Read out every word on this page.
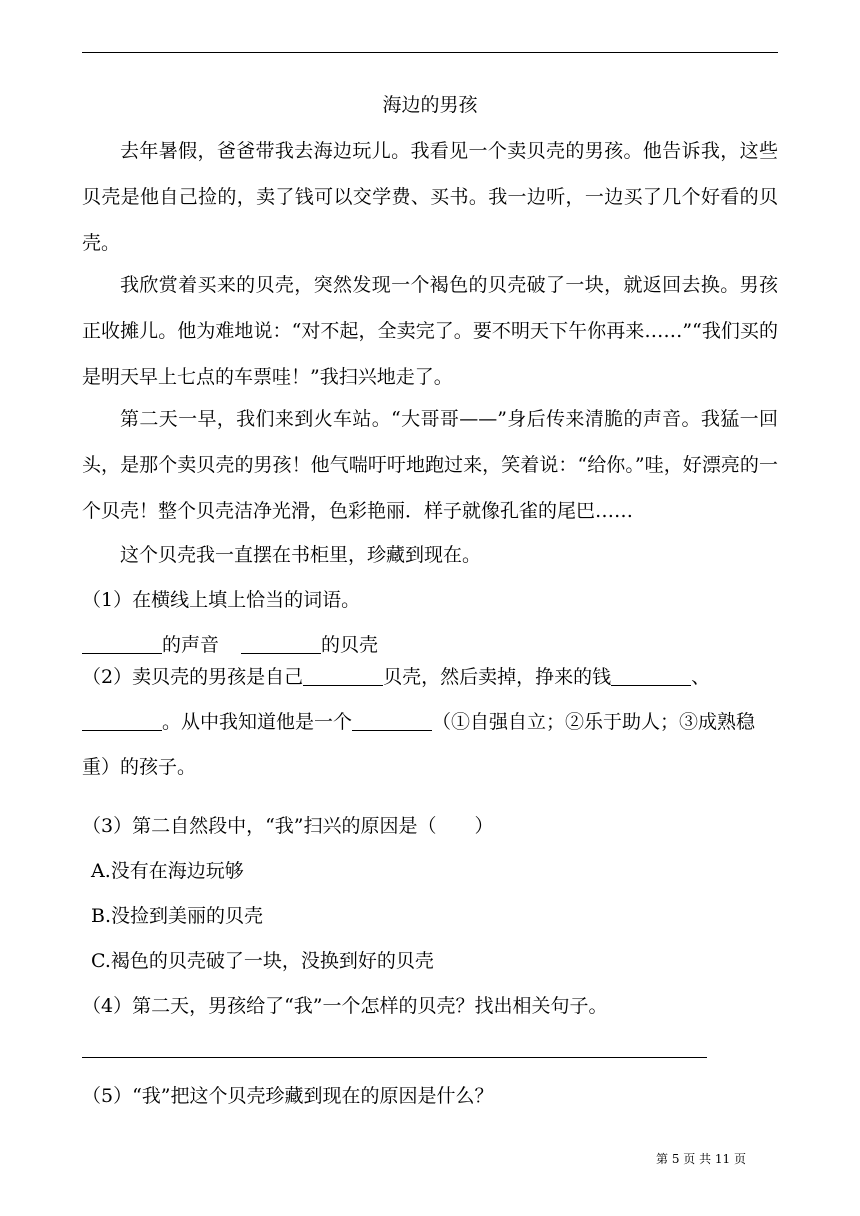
海边的男孩

去年暑假，爸爸带我去海边玩儿。我看见一个卖贝壳的男孩。他告诉我，这些贝壳是他自己捡的，卖了钱可以交学费、买书。我一边听，一边买了几个好看的贝壳。

我欣赏着买来的贝壳，突然发现一个褐色的贝壳破了一块，就返回去换。男孩正收摊儿。他为难地说：“对不起，全卖完了。要不明天下午你再来……”“我们买的是明天早上七点的车票哇！”我扫兴地走了。

第二天一早，我们来到火车站。“大哥哥——”身后传来清脆的声音。我猛一回头，是那个卖贝壳的男孩！他气喘吁吁地跑过来，笑着说：“给你。”哇，好漂亮的一个贝壳！整个贝壳洁净光滑，色彩艳丽．样子就像孔雀的尾巴……

这个贝壳我一直摆在书柜里，珍藏到现在。

（1）在横线上填上恰当的词语。

的声音	的贝壳

（2）卖贝壳的男孩是自己	贝壳，然后卖掉，挣来的钱	、。从中我知道他是一个	（①自强自立；②乐于助人；③成熟稳重）的孩子。

（3）第二自然段中，“我”扫兴的原因是（　　）

A.没有在海边玩够

B.没捡到美丽的贝壳

C.褐色的贝壳破了一块，没换到好的贝壳

（4）第二天，男孩给了“我”一个怎样的贝壳？找出相关句子。

（5）“我”把这个贝壳珍藏到现在的原因是什么？

第 5 页 共 11 页
